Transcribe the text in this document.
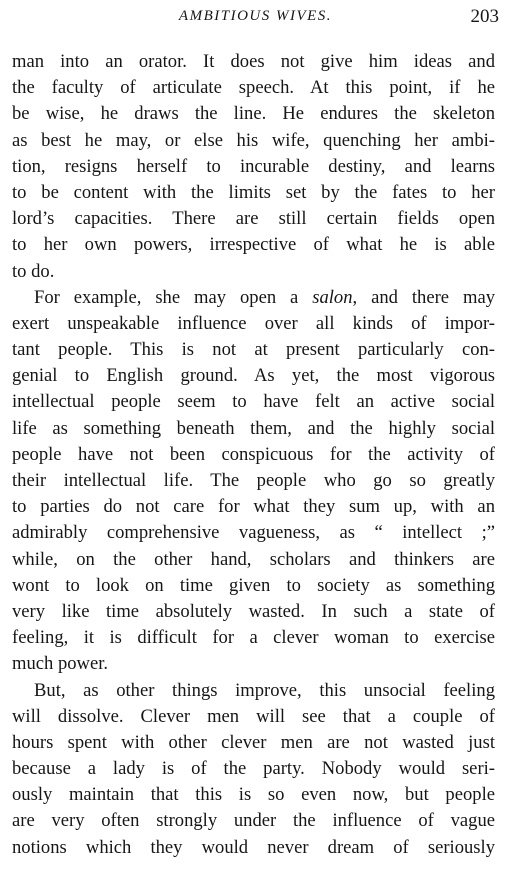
AMBITIOUS WIVES.	203
man into an orator. It does not give him ideas and
the faculty of articulate speech. At this point, if he
be wise, he draws the line. He endures the skeleton
as best he may, or else his wife, quenching her ambi-
tion, resigns herself to incurable destiny, and learns
to be content with the limits set by the fates to her
lord’s capacities. There are still certain fields open
to her own powers, irrespective of what he is able
to do.
For example, she may open a salon, and there may
exert unspeakable influence over all kinds of impor-
tant people. This is not at present particularly con-
genial to English ground. As yet, the most vigorous
intellectual people seem to have felt an active social
life as something beneath them, and the highly social
people have not been conspicuous for the activity of
their intellectual life. The people who go so greatly
to parties do not care for what they sum up, with an
admirably comprehensive vagueness, as “ intellect ;”
while, on the other hand, scholars and thinkers are
wont to look on time given to society as something
very like time absolutely wasted. In such a state of
feeling, it is difficult for a clever woman to exercise
much power.
But, as other things improve, this unsocial feeling
will dissolve. Clever men will see that a couple of
hours spent with other clever men are not wasted just
because a lady is of the party. Nobody would seri-
ously maintain that this is so even now, but people
are very often strongly under the influence of vague
notions which they would never dream of seriously
